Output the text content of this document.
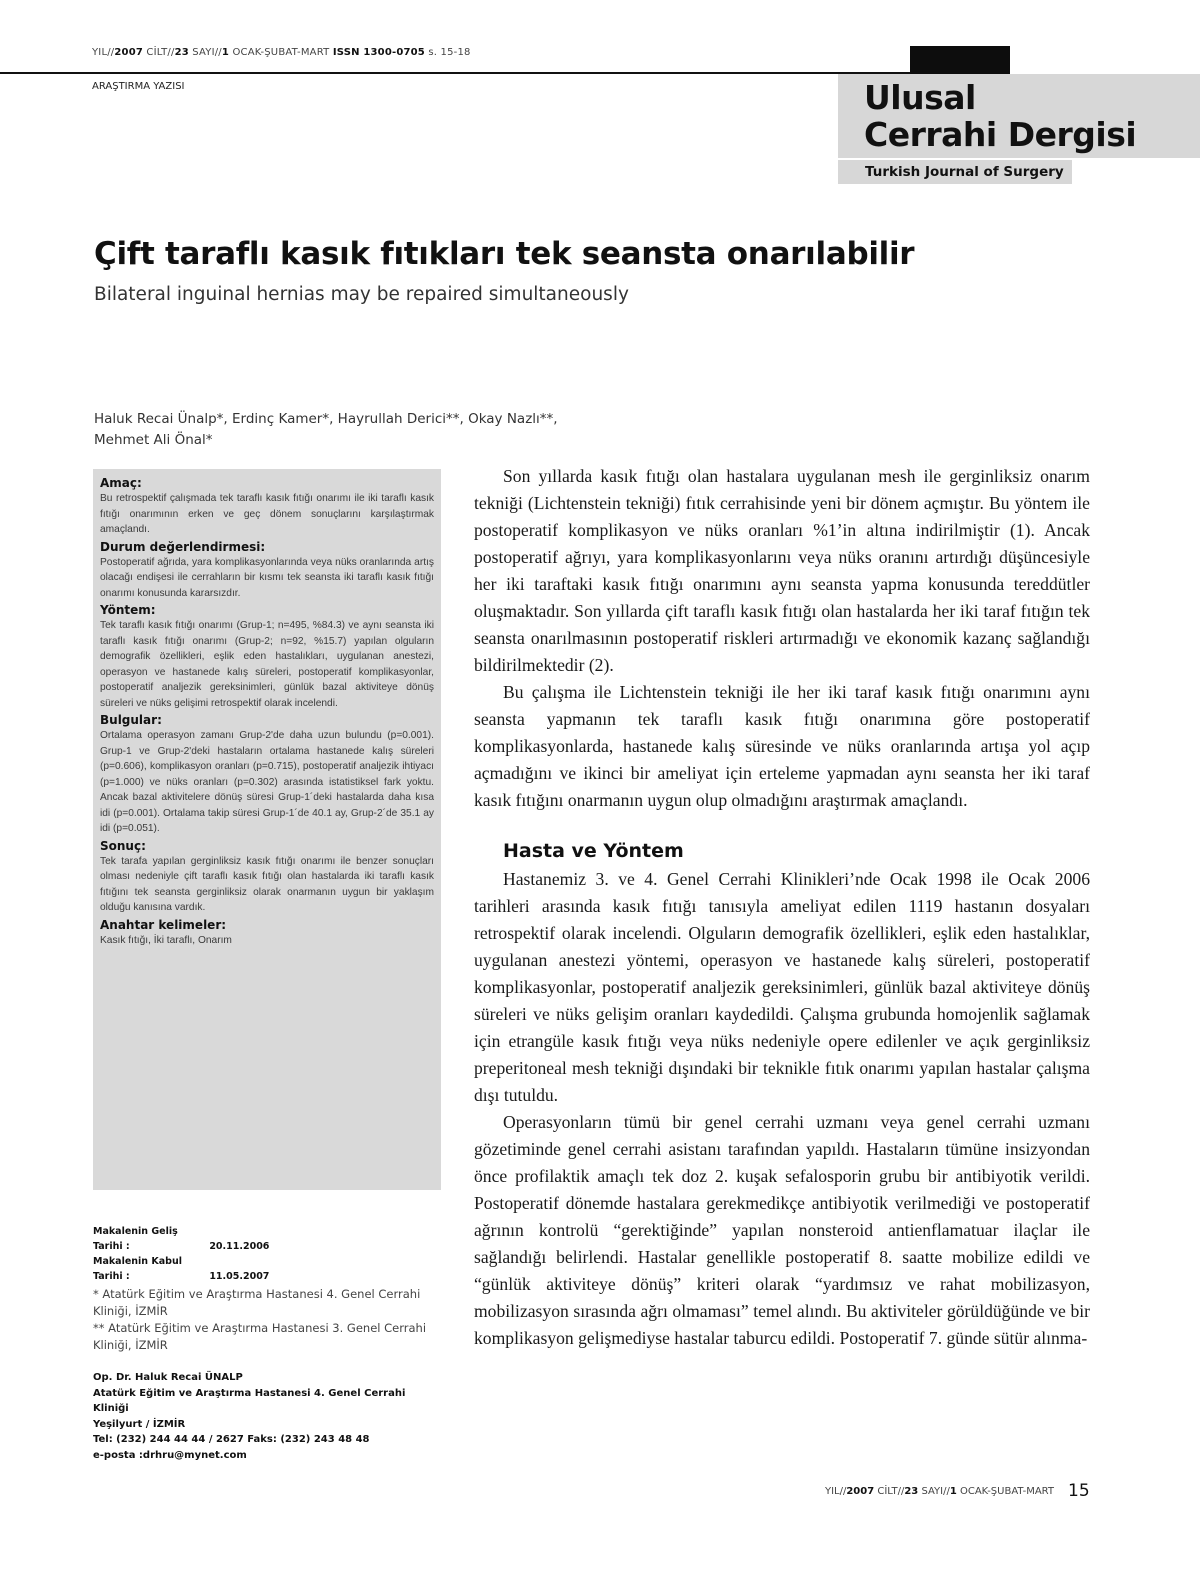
YIL//2007 CİLT//23 SAYI//1 OCAK-ŞUBAT-MART ISSN 1300-0705 s. 15-18
ARAŞTIRMA YAZISI	Ulusal
Cerrahi Dergisi
Turkish Journal of Surgery
Çift taraflı kasık fıtıkları tek seansta onarılabilir
Bilateral inguinal hernias may be repaired simultaneously
Haluk Recai Ünalp*, Erdinç Kamer*, Hayrullah Derici**, Okay Nazlı**,
Mehmet Ali Önal*
Amaç:

Bu retrospektif çalışmada tek taraflı kasık fıtığı onarımı ile iki taraflı kasık fıtığı onarımının erken ve geç dönem sonuçlarını karşılaştırmak amaçlandı.

Durum değerlendirmesi:

Postoperatif ağrıda, yara komplikasyonlarında veya nüks oranlarında artış olacağı endişesi ile cerrahların bir kısmı tek seansta iki taraflı kasık fıtığı onarımı konusunda kararsızdır.

Yöntem:

Tek taraflı kasık fıtığı onarımı (Grup-1; n=495, %84.3) ve aynı seansta iki taraflı kasık fıtığı onarımı (Grup-2; n=92, %15.7) yapılan olguların demografik özellikleri, eşlik eden hastalıkları, uygulanan anestezi, operasyon ve hastanede kalış süreleri, postoperatif komplikasyonlar, postoperatif analjezik gereksinimleri, günlük bazal aktiviteye dönüş süreleri ve nüks gelişimi retrospektif olarak incelendi.

Bulgular:

Ortalama operasyon zamanı Grup-2'de daha uzun bulundu (p=0.001). Grup-1 ve Grup-2'deki hastaların ortalama hastanede kalış süreleri (p=0.606), komplikasyon oranları (p=0.715), postoperatif analjezik ihtiyacı (p=1.000) ve nüks oranları (p=0.302) arasında istatistiksel fark yoktu. Ancak bazal aktivitelere dönüş süresi Grup-1´deki hastalarda daha kısa idi (p=0.001). Ortalama takip süresi Grup-1´de 40.1 ay, Grup-2´de 35.1 ay idi (p=0.051).

Sonuç:

Tek tarafa yapılan gerginliksiz kasık fıtığı onarımı ile benzer sonuçları olması nedeniyle çift taraflı kasık fıtığı olan hastalarda iki taraflı kasık fıtığını tek seansta gerginliksiz olarak onarmanın uygun bir yaklaşım olduğu kanısına vardık.

Anahtar kelimeler:

Kasık fıtığı, İki taraflı, Onarım

Makalenin Geliş Tarihi :	20.11.2006
Makalenin Kabul Tarihi :	11.05.2007
* Atatürk Eğitim ve Araştırma Hastanesi 4. Genel Cerrahi Kliniği, İZMİR
** Atatürk Eğitim ve Araştırma Hastanesi 3. Genel Cerrahi Kliniği, İZMİR
Op. Dr. Haluk Recai ÜNALP
Atatürk Eğitim ve Araştırma Hastanesi 4. Genel Cerrahi Kliniği
Yeşilyurt / İZMİR
Tel: (232) 244 44 44 / 2627 Faks: (232) 243 48 48
e-posta :drhru@mynet.com

Son yıllarda kasık fıtığı olan hastalara uygulanan mesh ile gerginliksiz onarım tekniği (Lichtenstein tekniği) fıtık cerrahisinde yeni bir dönem açmıştır. Bu yöntem ile postoperatif komplikasyon ve nüks oranları %1’in altına indirilmiştir (1). Ancak postoperatif ağrıyı, yara komplikasyonlarını veya nüks oranını artırdığı düşüncesiyle her iki taraftaki kasık fıtığı onarımını aynı seansta yapma konusunda tereddütler oluşmaktadır. Son yıllarda çift taraflı kasık fıtığı olan hastalarda her iki taraf fıtığın tek seansta onarılmasının postoperatif riskleri artırmadığı ve ekonomik kazanç sağlandığı bildirilmektedir (2).

Bu çalışma ile Lichtenstein tekniği ile her iki taraf kasık fıtığı onarımını aynı seansta yapmanın tek taraflı kasık fıtığı onarımına göre postoperatif komplikasyonlarda, hastanede kalış süresinde ve nüks oranlarında artışa yol açıp açmadığını ve ikinci bir ameliyat için erteleme yapmadan aynı seansta her iki taraf kasık fıtığını onarmanın uygun olup olmadığını araştırmak amaçlandı.

Hasta ve Yöntem

Hastanemiz 3. ve 4. Genel Cerrahi Klinikleri’nde Ocak 1998 ile Ocak 2006 tarihleri arasında kasık fıtığı tanısıyla ameliyat edilen 1119 hastanın dosyaları retrospektif olarak incelendi. Olguların demografik özellikleri, eşlik eden hastalıklar, uygulanan anestezi yöntemi, operasyon ve hastanede kalış süreleri, postoperatif komplikasyonlar, postoperatif analjezik gereksinimleri, günlük bazal aktiviteye dönüş süreleri ve nüks gelişim oranları kaydedildi. Çalışma grubunda homojenlik sağlamak için etrangüle kasık fıtığı veya nüks nedeniyle opere edilenler ve açık gerginliksiz preperitoneal mesh tekniği dışındaki bir teknikle fıtık onarımı yapılan hastalar çalışma dışı tutuldu.

Operasyonların tümü bir genel cerrahi uzmanı veya genel cerrahi uzmanı gözetiminde genel cerrahi asistanı tarafından yapıldı. Hastaların tümüne insizyondan önce profilaktik amaçlı tek doz 2. kuşak sefalosporin grubu bir antibiyotik verildi. Postoperatif dönemde hastalara gerekmedikçe antibiyotik verilmediği ve postoperatif ağrının kontrolü “gerektiğinde” yapılan nonsteroid antienflamatuar ilaçlar ile sağlandığı belirlendi. Hastalar genellikle postoperatif 8. saatte mobilize edildi ve “günlük aktiviteye dönüş” kriteri olarak “yardımsız ve rahat mobilizasyon, mobilizasyon sırasında ağrı olmaması” temel alındı. Bu aktiviteler görüldüğünde ve bir komplikasyon gelişmediyse hastalar taburcu edildi. Postoperatif 7. günde sütür alınma-

YIL//2007 CİLT//23 SAYI//1 OCAK-ŞUBAT-MART 15
